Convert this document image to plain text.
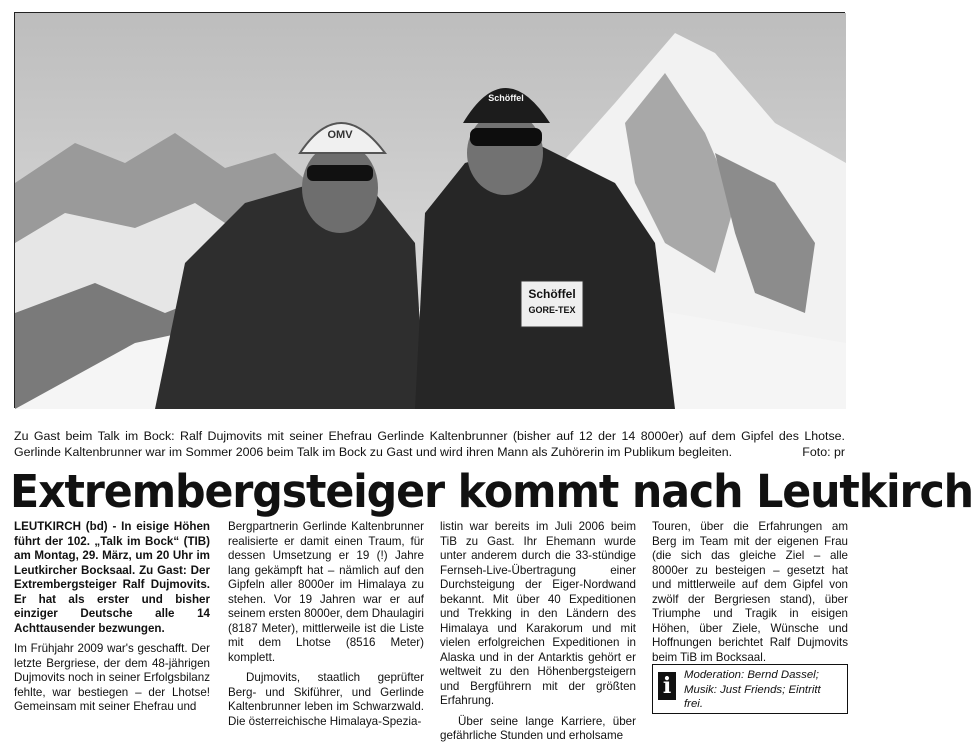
OMV
Schöffel
Schöffel
GORE-TEX
Zu Gast beim Talk im Bock: Ralf Dujmovits mit seiner Ehefrau Gerlinde Kaltenbrunner (bisher auf 12 der 14 8000er) auf dem Gipfel des Lhotse. Gerlinde Kaltenbrunner war im Sommer 2006 beim Talk im Bock zu Gast und wird ihren Mann als Zuhörerin im Publikum begleiten.	Foto: pr
Extrembergsteiger kommt nach Leutkirch

LEUTKIRCH (bd) - In eisige Höhen führt der 102. „Talk im Bock“ (TIB) am Montag, 29. März, um 20 Uhr im Leutkircher Bocksaal. Zu Gast: Der Extrembergsteiger Ralf Dujmovits. Er hat als erster und bisher einziger Deutsche alle 14 Achttausender bezwungen.

Im Frühjahr 2009 war's geschafft. Der letzte Bergriese, der dem 48-jährigen Dujmovits noch in seiner Erfolgsbilanz fehlte, war bestiegen – der Lhotse! Gemeinsam mit seiner Ehefrau und

Bergpartnerin Gerlinde Kaltenbrunner realisierte er damit einen Traum, für dessen Umsetzung er 19 (!) Jahre lang gekämpft hat – nämlich auf den Gipfeln aller 8000er im Himalaya zu stehen. Vor 19 Jahren war er auf seinem ersten 8000er, dem Dhaulagiri (8187 Meter), mittlerweile ist die Liste mit dem Lhotse (8516 Meter) komplett.

Dujmovits, staatlich geprüfter Berg- und Skiführer, und Gerlinde Kaltenbrunner leben im Schwarzwald. Die österreichische Himalaya-Spezia-

listin war bereits im Juli 2006 beim TiB zu Gast. Ihr Ehemann wurde unter anderem durch die 33-stündige Fernseh-Live-Übertragung einer Durchsteigung der Eiger-Nordwand bekannt. Mit über 40 Expeditionen und Trekking in den Ländern des Himalaya und Karakorum und mit vielen erfolgreichen Expeditionen in Alaska und in der Antarktis gehört er weltweit zu den Höhenbergsteigern und Bergführern mit der größten Erfahrung.

Über seine lange Karriere, über gefährliche Stunden und erholsame

Touren, über die Erfahrungen am Berg im Team mit der eigenen Frau (die sich das gleiche Ziel – alle 8000er zu besteigen – gesetzt hat und mittlerweile auf dem Gipfel von zwölf der Bergriesen stand), über Triumphe und Tragik in eisigen Höhen, über Ziele, Wünsche und Hoffnungen berichtet Ralf Dujmovits beim TiB im Bocksaal.

i	Moderation: Bernd Dassel; Musik: Just Friends; Eintritt frei.
